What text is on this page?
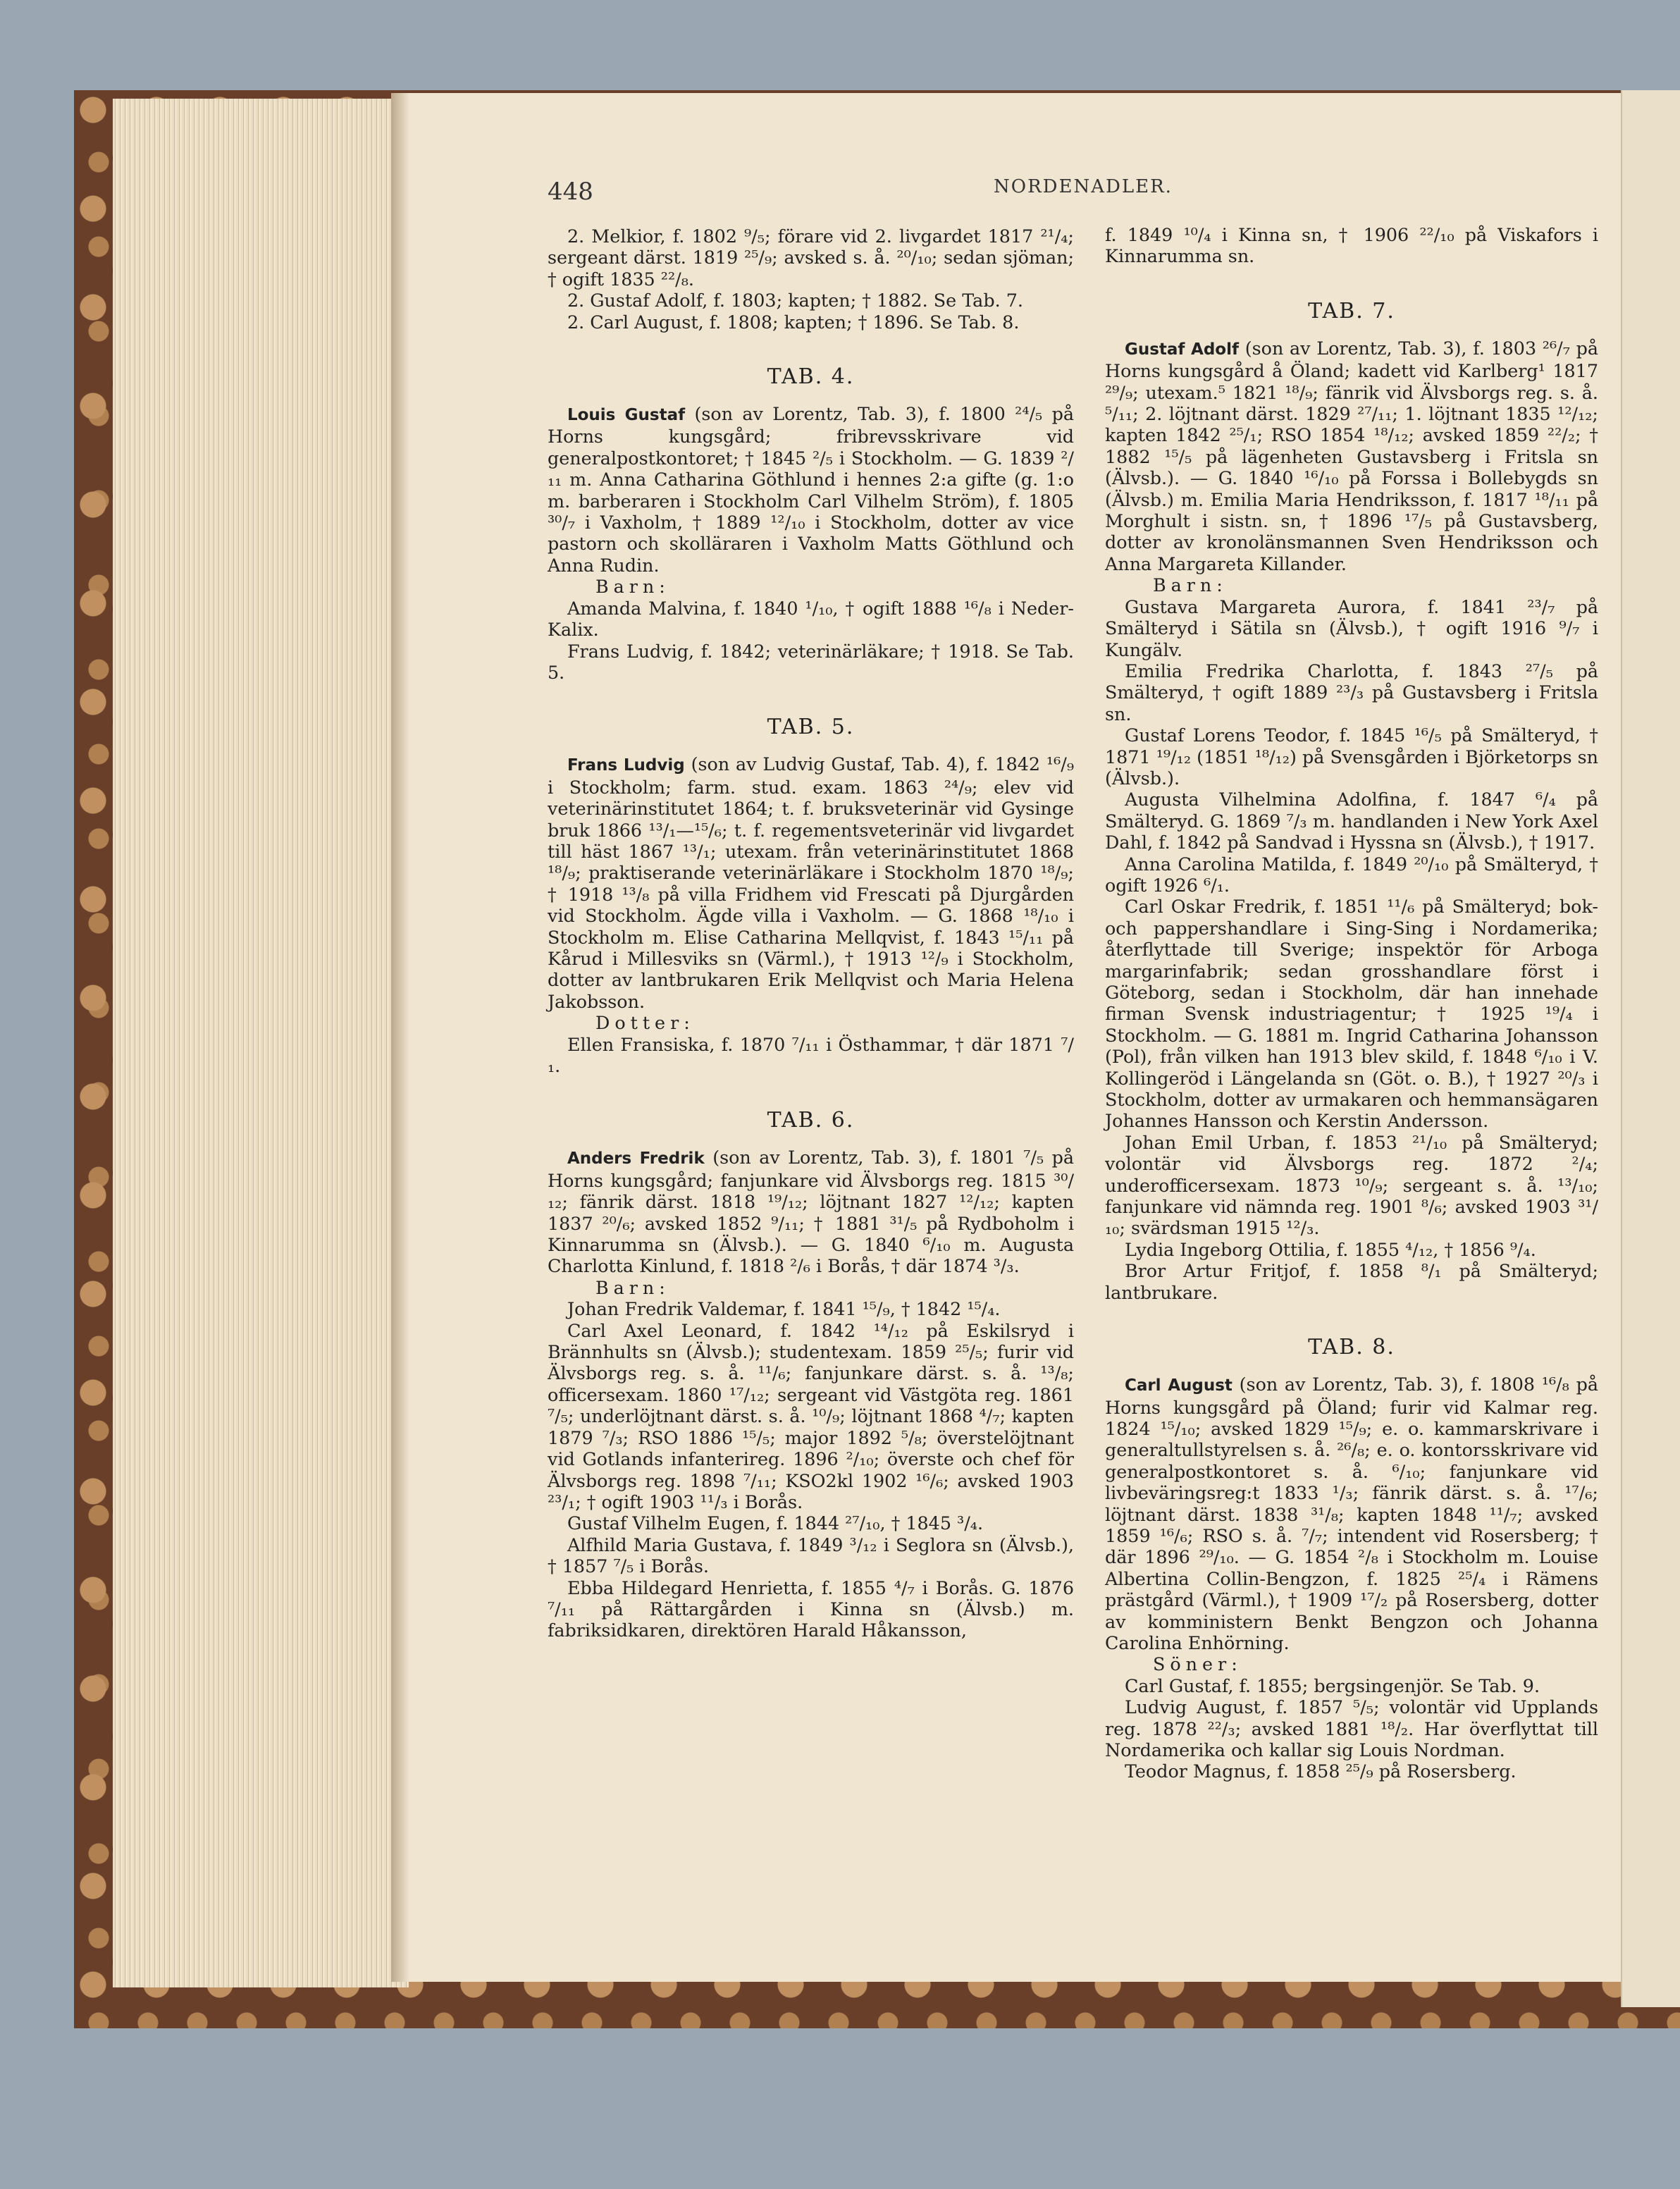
448	NORDENADLER.
2. Melkior, f. 1802 ⁹/₅; förare vid 2. livgardet 1817 ²¹/₄; sergeant därst. 1819 ²⁵/₉; avsked s. å. ²⁰/₁₀; sedan sjöman; † ogift 1835 ²²/₈.
2. Gustaf Adolf, f. 1803; kapten; † 1882. Se Tab. 7.
2. Carl August, f. 1808; kapten; † 1896. Se Tab. 8.
TAB. 4.
Louis Gustaf (son av Lorentz, Tab. 3), f. 1800 ²⁴/₅ på Horns kungsgård; fribrevsskrivare vid generalpostkontoret; † 1845 ²/₅ i Stockholm. — G. 1839 ²/₁₁ m. Anna Catharina Göthlund i hennes 2:a gifte (g. 1:o m. barberaren i Stockholm Carl Vilhelm Ström), f. 1805 ³⁰/₇ i Vaxholm, † 1889 ¹²/₁₀ i Stockholm, dotter av vice pastorn och skolläraren i Vaxholm Matts Göthlund och Anna Rudin.
Barn:
Amanda Malvina, f. 1840 ¹/₁₀, † ogift 1888 ¹⁶/₈ i Neder-Kalix.
Frans Ludvig, f. 1842; veterinärläkare; † 1918. Se Tab. 5.
TAB. 5.
Frans Ludvig (son av Ludvig Gustaf, Tab. 4), f. 1842 ¹⁶/₉ i Stockholm; farm. stud. exam. 1863 ²⁴/₉; elev vid veterinärinstitutet 1864; t. f. bruksveterinär vid Gysinge bruk 1866 ¹³/₁—¹⁵/₆; t. f. regementsveterinär vid livgardet till häst 1867 ¹³/₁; utexam. från veterinärinstitutet 1868 ¹⁸/₉; praktiserande veterinärläkare i Stockholm 1870 ¹⁸/₉; † 1918 ¹³/₈ på villa Fridhem vid Frescati på Djurgården vid Stockholm. Ägde villa i Vaxholm. — G. 1868 ¹⁸/₁₀ i Stockholm m. Elise Catharina Mellqvist, f. 1843 ¹⁵/₁₁ på Kårud i Millesviks sn (Värml.), † 1913 ¹²/₉ i Stockholm, dotter av lantbrukaren Erik Mellqvist och Maria Helena Jakobsson.
Dotter:
Ellen Fransiska, f. 1870 ⁷/₁₁ i Östhammar, † där 1871 ⁷/₁.
TAB. 6.
Anders Fredrik (son av Lorentz, Tab. 3), f. 1801 ⁷/₅ på Horns kungsgård; fanjunkare vid Älvsborgs reg. 1815 ³⁰/₁₂; fänrik därst. 1818 ¹⁹/₁₂; löjtnant 1827 ¹²/₁₂; kapten 1837 ²⁰/₆; avsked 1852 ⁹/₁₁; † 1881 ³¹/₅ på Rydboholm i Kinnarumma sn (Älvsb.). — G. 1840 ⁶/₁₀ m. Augusta Charlotta Kinlund, f. 1818 ²/₆ i Borås, † där 1874 ³/₃.
Barn:
Johan Fredrik Valdemar, f. 1841 ¹⁵/₉, † 1842 ¹⁵/₄.
Carl Axel Leonard, f. 1842 ¹⁴/₁₂ på Eskilsryd i Brännhults sn (Älvsb.); studentexam. 1859 ²⁵/₅; furir vid Älvsborgs reg. s. å. ¹¹/₆; fanjunkare därst. s. å. ¹³/₈; officersexam. 1860 ¹⁷/₁₂; sergeant vid Västgöta reg. 1861 ⁷/₅; underlöjtnant därst. s. å. ¹⁰/₉; löjtnant 1868 ⁴/₇; kapten 1879 ⁷/₃; RSO 1886 ¹⁵/₅; major 1892 ⁵/₈; överstelöjtnant vid Gotlands infanterireg. 1896 ²/₁₀; överste och chef för Älvsborgs reg. 1898 ⁷/₁₁; KSO2kl 1902 ¹⁶/₆; avsked 1903 ²³/₁; † ogift 1903 ¹¹/₃ i Borås.
Gustaf Vilhelm Eugen, f. 1844 ²⁷/₁₀, † 1845 ³/₄.
Alfhild Maria Gustava, f. 1849 ³/₁₂ i Seglora sn (Älvsb.), † 1857 ⁷/₅ i Borås.
Ebba Hildegard Henrietta, f. 1855 ⁴/₇ i Borås. G. 1876 ⁷/₁₁ på Rättargården i Kinna sn (Älvsb.) m. fabriksidkaren, direktören Harald Håkansson,
f. 1849 ¹⁰/₄ i Kinna sn, † 1906 ²²/₁₀ på Viskafors i Kinnarumma sn.
TAB. 7.
Gustaf Adolf (son av Lorentz, Tab. 3), f. 1803 ²⁶/₇ på Horns kungsgård å Öland; kadett vid Karlberg¹ 1817 ²⁹/₉; utexam.⁵ 1821 ¹⁸/₉; fänrik vid Älvsborgs reg. s. å. ⁵/₁₁; 2. löjtnant därst. 1829 ²⁷/₁₁; 1. löjtnant 1835 ¹²/₁₂; kapten 1842 ²⁵/₁; RSO 1854 ¹⁸/₁₂; avsked 1859 ²²/₂; † 1882 ¹⁵/₅ på lägenheten Gustavsberg i Fritsla sn (Älvsb.). — G. 1840 ¹⁶/₁₀ på Forssa i Bollebygds sn (Älvsb.) m. Emilia Maria Hendriksson, f. 1817 ¹⁸/₁₁ på Morghult i sistn. sn, † 1896 ¹⁷/₅ på Gustavsberg, dotter av kronolänsmannen Sven Hendriksson och Anna Margareta Killander.
Barn:
Gustava Margareta Aurora, f. 1841 ²³/₇ på Smälteryd i Sätila sn (Älvsb.), † ogift 1916 ⁹/₇ i Kungälv.
Emilia Fredrika Charlotta, f. 1843 ²⁷/₅ på Smälteryd, † ogift 1889 ²³/₃ på Gustavsberg i Fritsla sn.
Gustaf Lorens Teodor, f. 1845 ¹⁶/₅ på Smälteryd, † 1871 ¹⁹/₁₂ (1851 ¹⁸/₁₂) på Svensgården i Björketorps sn (Älvsb.).
Augusta Vilhelmina Adolfina, f. 1847 ⁶/₄ på Smälteryd. G. 1869 ⁷/₃ m. handlanden i New York Axel Dahl, f. 1842 på Sandvad i Hyssna sn (Älvsb.), † 1917.
Anna Carolina Matilda, f. 1849 ²⁰/₁₀ på Smälteryd, † ogift 1926 ⁶/₁.
Carl Oskar Fredrik, f. 1851 ¹¹/₆ på Smälteryd; bok- och pappershandlare i Sing-Sing i Nordamerika; återflyttade till Sverige; inspektör för Arboga margarinfabrik; sedan grosshandlare först i Göteborg, sedan i Stockholm, där han innehade firman Svensk industriagentur; † 1925 ¹⁹/₄ i Stockholm. — G. 1881 m. Ingrid Catharina Johansson (Pol), från vilken han 1913 blev skild, f. 1848 ⁶/₁₀ i V. Kollingeröd i Längelanda sn (Göt. o. B.), † 1927 ²⁰/₃ i Stockholm, dotter av urmakaren och hemmansägaren Johannes Hansson och Kerstin Andersson.
Johan Emil Urban, f. 1853 ²¹/₁₀ på Smälteryd; volontär vid Älvsborgs reg. 1872 ²/₄; underofficersexam. 1873 ¹⁰/₉; sergeant s. å. ¹³/₁₀; fanjunkare vid nämnda reg. 1901 ⁸/₆; avsked 1903 ³¹/₁₀; svärdsman 1915 ¹²/₃.
Lydia Ingeborg Ottilia, f. 1855 ⁴/₁₂, † 1856 ⁹/₄.
Bror Artur Fritjof, f. 1858 ⁸/₁ på Smälteryd; lantbrukare.
TAB. 8.
Carl August (son av Lorentz, Tab. 3), f. 1808 ¹⁶/₈ på Horns kungsgård på Öland; furir vid Kalmar reg. 1824 ¹⁵/₁₀; avsked 1829 ¹⁵/₉; e. o. kammarskrivare i generaltullstyrelsen s. å. ²⁶/₈; e. o. kontorsskrivare vid generalpostkontoret s. å. ⁶/₁₀; fanjunkare vid livbeväringsreg:t 1833 ¹/₃; fänrik därst. s. å. ¹⁷/₆; löjtnant därst. 1838 ³¹/₈; kapten 1848 ¹¹/₇; avsked 1859 ¹⁶/₆; RSO s. å. ⁷/₇; intendent vid Rosersberg; † där 1896 ²⁹/₁₀. — G. 1854 ²/₈ i Stockholm m. Louise Albertina Collin-Bengzon, f. 1825 ²⁵/₄ i Rämens prästgård (Värml.), † 1909 ¹⁷/₂ på Rosersberg, dotter av komministern Benkt Bengzon och Johanna Carolina Enhörning.
Söner:
Carl Gustaf, f. 1855; bergsingenjör. Se Tab. 9.
Ludvig August, f. 1857 ⁵/₅; volontär vid Upplands reg. 1878 ²²/₃; avsked 1881 ¹⁸/₂. Har överflyttat till Nordamerika och kallar sig Louis Nordman.
Teodor Magnus, f. 1858 ²⁵/₉ på Rosersberg.
